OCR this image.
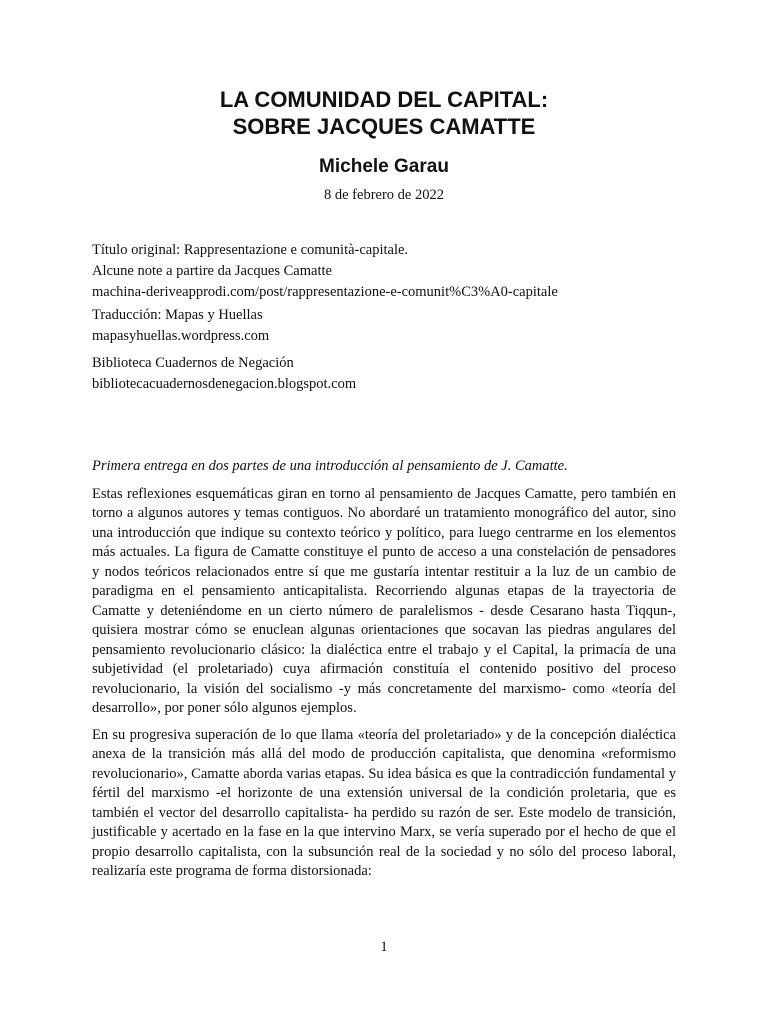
LA COMUNIDAD DEL CAPITAL:
SOBRE JACQUES CAMATTE
Michele Garau
8 de febrero de 2022
Título original: Rappresentazione e comunità-capitale.
Alcune note a partire da Jacques Camatte
machina-deriveapprodi.com/post/rappresentazione-e-comunit%C3%A0-capitale
Traducción: Mapas y Huellas
mapasyhuellas.wordpress.com
Biblioteca Cuadernos de Negación
bibliotecacuadernosdenegacion.blogspot.com

Primera entrega en dos partes de una introducción al pensamiento de J. Camatte.

Estas reflexiones esquemáticas giran en torno al pensamiento de Jacques Camatte, pero también en torno a algunos autores y temas contiguos. No abordaré un tratamiento monográfico del autor, sino una introducción que indique su contexto teórico y político, para luego centrarme en los elementos más actuales. La figura de Camatte constituye el punto de acceso a una constelación de pensadores y nodos teóricos relacionados entre sí que me gustaría intentar restituir a la luz de un cambio de paradigma en el pensamiento anticapitalista. Recorriendo algunas etapas de la trayectoria de Camatte y deteniéndome en un cierto número de paralelismos - desde Cesarano hasta Tiqqun-, quisiera mostrar cómo se enuclean algunas orientaciones que socavan las piedras angulares del pensamiento revolucionario clásico: la dialéctica entre el trabajo y el Capital, la primacía de una subjetividad (el proletariado) cuya afirmación constituía el contenido positivo del proceso revolucionario, la visión del socialismo -y más concretamente del marxismo- como «teoría del desarrollo», por poner sólo algunos ejemplos.

En su progresiva superación de lo que llama «teoría del proletariado» y de la concepción dialéctica anexa de la transición más allá del modo de producción capitalista, que denomina «reformismo revolucionario», Camatte aborda varias etapas. Su idea básica es que la contradicción fundamental y fértil del marxismo -el horizonte de una extensión universal de la condición proletaria, que es también el vector del desarrollo capitalista- ha perdido su razón de ser. Este modelo de transición, justificable y acertado en la fase en la que intervino Marx, se vería superado por el hecho de que el propio desarrollo capitalista, con la subsunción real de la sociedad y no sólo del proceso laboral, realizaría este programa de forma distorsionada:

1
